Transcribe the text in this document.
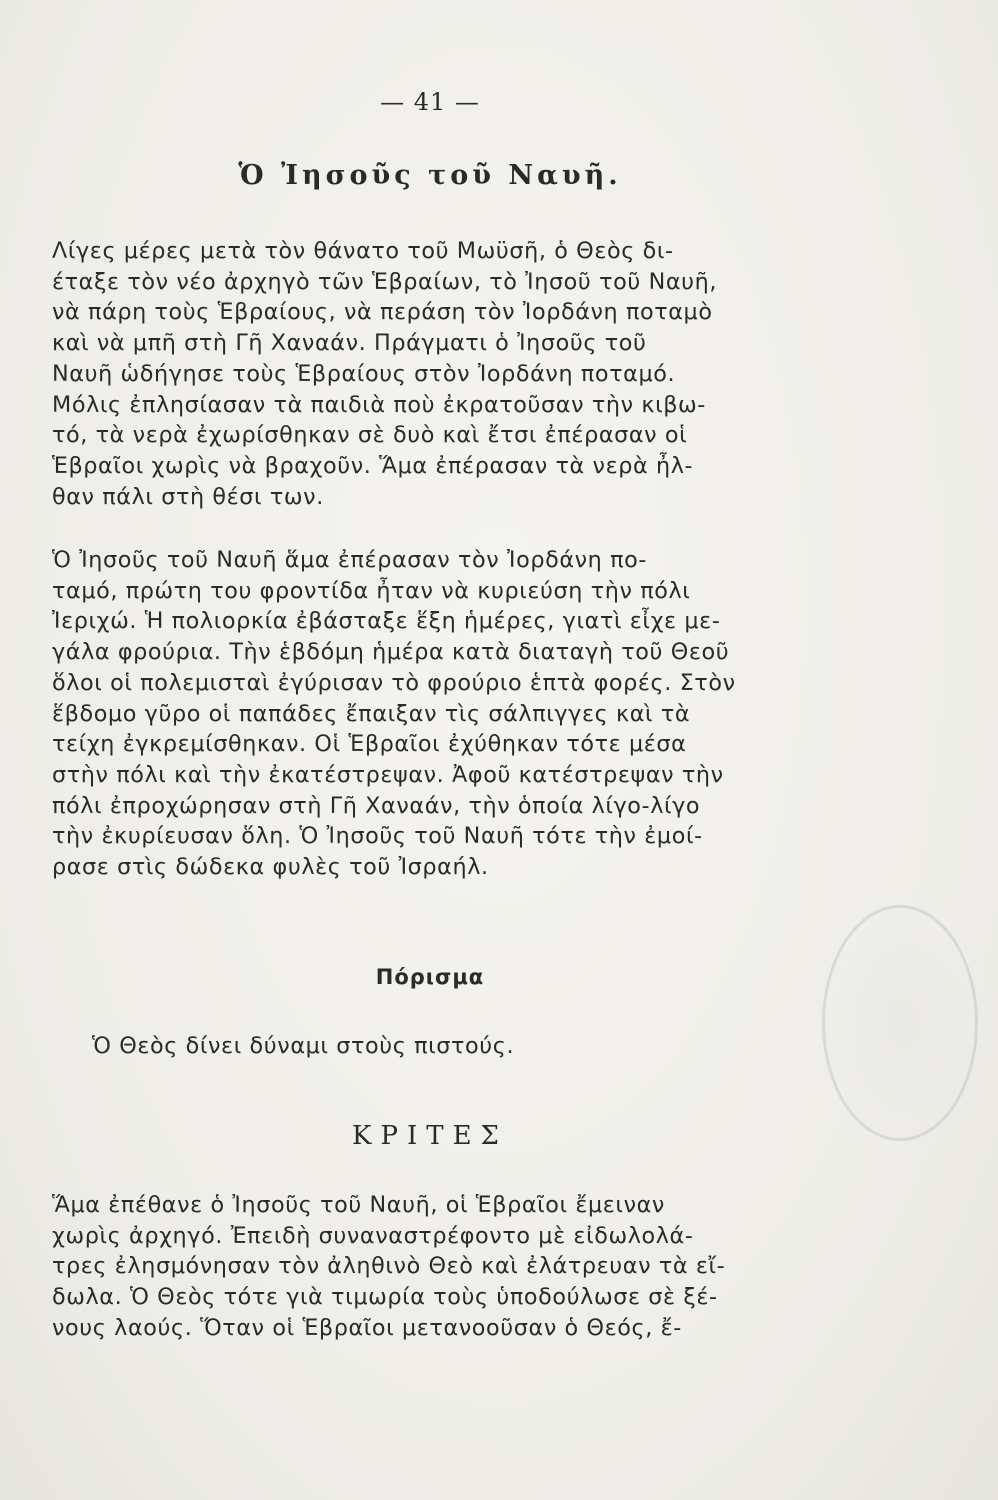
— 41 —
Ὁ Ἰησοῦς τοῦ Ναυῆ.

Λίγες μέρες μετὰ τὸν θάνατο τοῦ Μωϋσῆ, ὁ Θεὸς δι-
έταξε τὸν νέο ἀρχηγὸ τῶν Ἑβραίων, τὸ Ἰησοῦ τοῦ Ναυῆ,
νὰ πάρη τοὺς Ἑβραίους, νὰ περάση τὸν Ἰορδάνη ποταμὸ
καὶ νὰ μπῆ στὴ Γῆ Χαναάν. Πράγματι ὁ Ἰησοῦς τοῦ
Ναυῆ ὡδήγησε τοὺς Ἑβραίους στὸν Ἰορδάνη ποταμό.
Μόλις ἐπλησίασαν τὰ παιδιὰ ποὺ ἐκρατοῦσαν τὴν κιβω-
τό, τὰ νερὰ ἐχωρίσθηκαν σὲ δυὸ καὶ ἔτσι ἐπέρασαν οἱ
Ἑβραῖοι χωρὶς νὰ βραχοῦν. Ἅμα ἐπέρασαν τὰ νερὰ ἦλ-
θαν πάλι στὴ θέσι των.

Ὁ Ἰησοῦς τοῦ Ναυῆ ἅμα ἐπέρασαν τὸν Ἰορδάνη πο-
ταμό, πρώτη του φροντίδα ἦταν νὰ κυριεύση τὴν πόλι
Ἰεριχώ. Ἡ πολιορκία ἐβάσταξε ἕξη ἡμέρες, γιατὶ εἶχε με-
γάλα φρούρια. Τὴν ἑβδόμη ἡμέρα κατὰ διαταγὴ τοῦ Θεοῦ
ὅλοι οἱ πολεμισταὶ ἐγύρισαν τὸ φρούριο ἑπτὰ φορές. Στὸν
ἕβδομο γῦρο οἱ παπάδες ἔπαιξαν τὶς σάλπιγγες καὶ τὰ
τείχη ἐγκρεμίσθηκαν. Οἱ Ἑβραῖοι ἐχύθηκαν τότε μέσα
στὴν πόλι καὶ τὴν ἐκατέστρεψαν. Ἀφοῦ κατέστρεψαν τὴν
πόλι ἐπροχώρησαν στὴ Γῆ Χαναάν, τὴν ὁποία λίγο-λίγο
τὴν ἐκυρίευσαν ὅλη. Ὁ Ἰησοῦς τοῦ Ναυῆ τότε τὴν ἐμοί-
ρασε στὶς δώδεκα φυλὲς τοῦ Ἰσραήλ.

Πόρισμα
Ὁ Θεὸς δίνει δύναμι στοὺς πιστούς.
ΚΡΙΤΕΣ

Ἅμα ἐπέθανε ὁ Ἰησοῦς τοῦ Ναυῆ, οἱ Ἑβραῖοι ἔμειναν
χωρὶς ἀρχηγό. Ἐπειδὴ συναναστρέφοντο μὲ εἰδωλολά-
τρες ἐλησμόνησαν τὸν ἀληθινὸ Θεὸ καὶ ἐλάτρευαν τὰ εἴ-
δωλα. Ὁ Θεὸς τότε γιὰ τιμωρία τοὺς ὑποδούλωσε σὲ ξέ-
νους λαούς. Ὅταν οἱ Ἑβραῖοι μετανοοῦσαν ὁ Θεός, ἔ-
